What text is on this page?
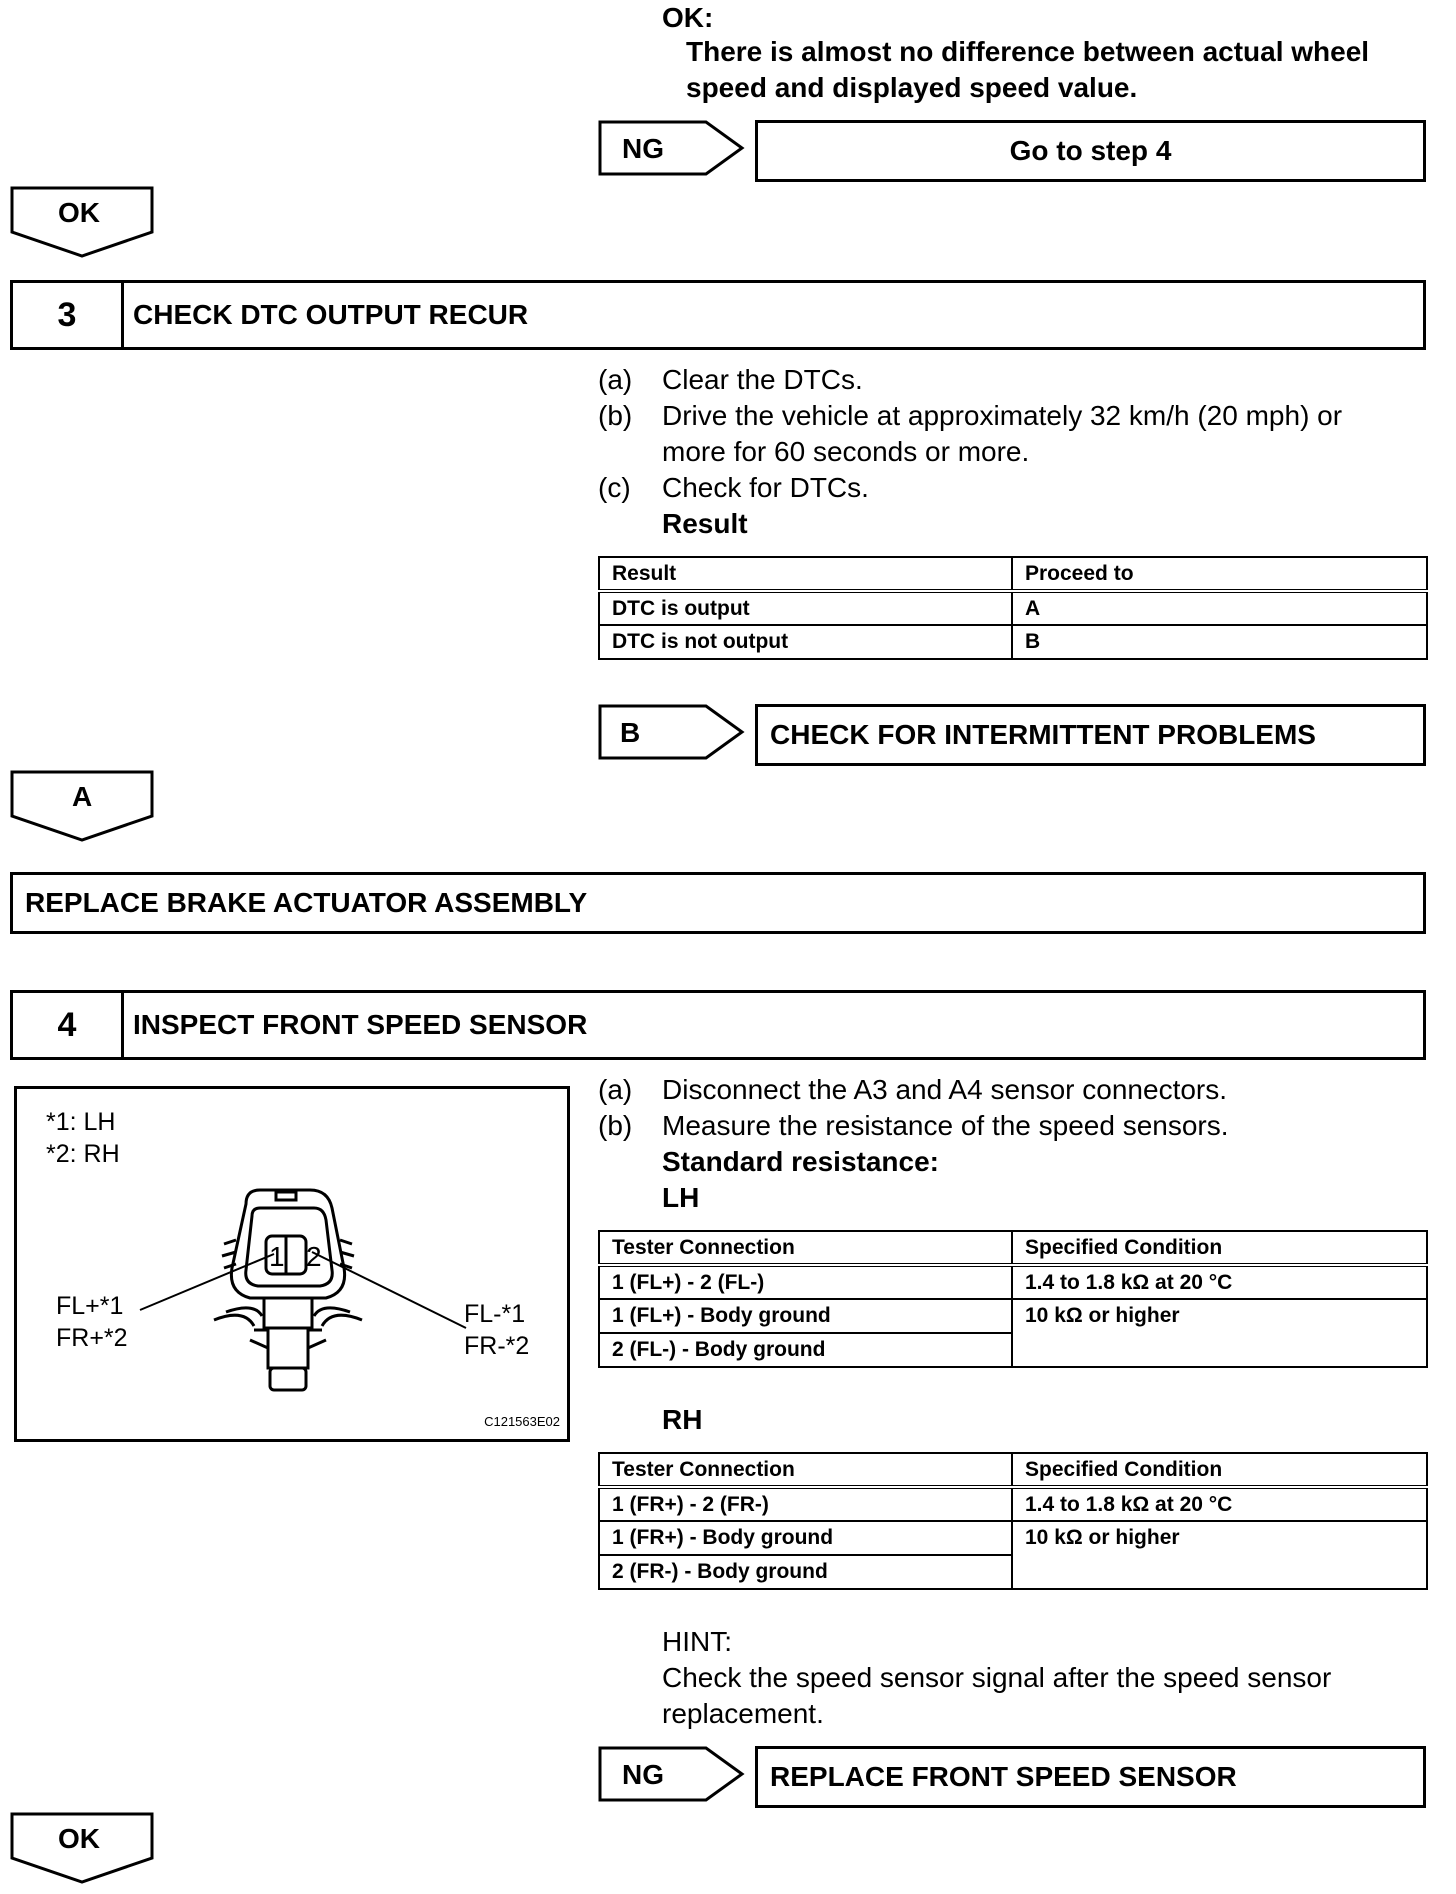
OK:
There is almost no difference between actual wheel
speed and displayed speed value.
NG	Go to step 4
OK
3	CHECK DTC OUTPUT RECUR
(a) Clear the DTCs.
(b) Drive the vehicle at approximately 32 km/h (20 mph) or
more for 60 seconds or more.
(c) Check for DTCs.
Result
Result	Proceed to
DTC is output	A
DTC is not output	B
B	CHECK FOR INTERMITTENT PROBLEMS
A
REPLACE BRAKE ACTUATOR ASSEMBLY
4	INSPECT FRONT SPEED SENSOR
*1: LH
*2: RH
1 2
FL+*1
FR+*2
FL-*1
FR-*2
C121563E02
(a) Disconnect the A3 and A4 sensor connectors.
(b) Measure the resistance of the speed sensors.
Standard resistance:
LH
Tester Connection	Specified Condition
1 (FL+) - 2 (FL-)	1.4 to 1.8 kΩ at 20 °C
1 (FL+) - Body ground	10 kΩ or higher
2 (FL-) - Body ground	
RH
Tester Connection	Specified Condition
1 (FR+) - 2 (FR-)	1.4 to 1.8 kΩ at 20 °C
1 (FR+) - Body ground	10 kΩ or higher
2 (FR-) - Body ground	
HINT:
Check the speed sensor signal after the speed sensor
replacement.
NG	REPLACE FRONT SPEED SENSOR
OK
